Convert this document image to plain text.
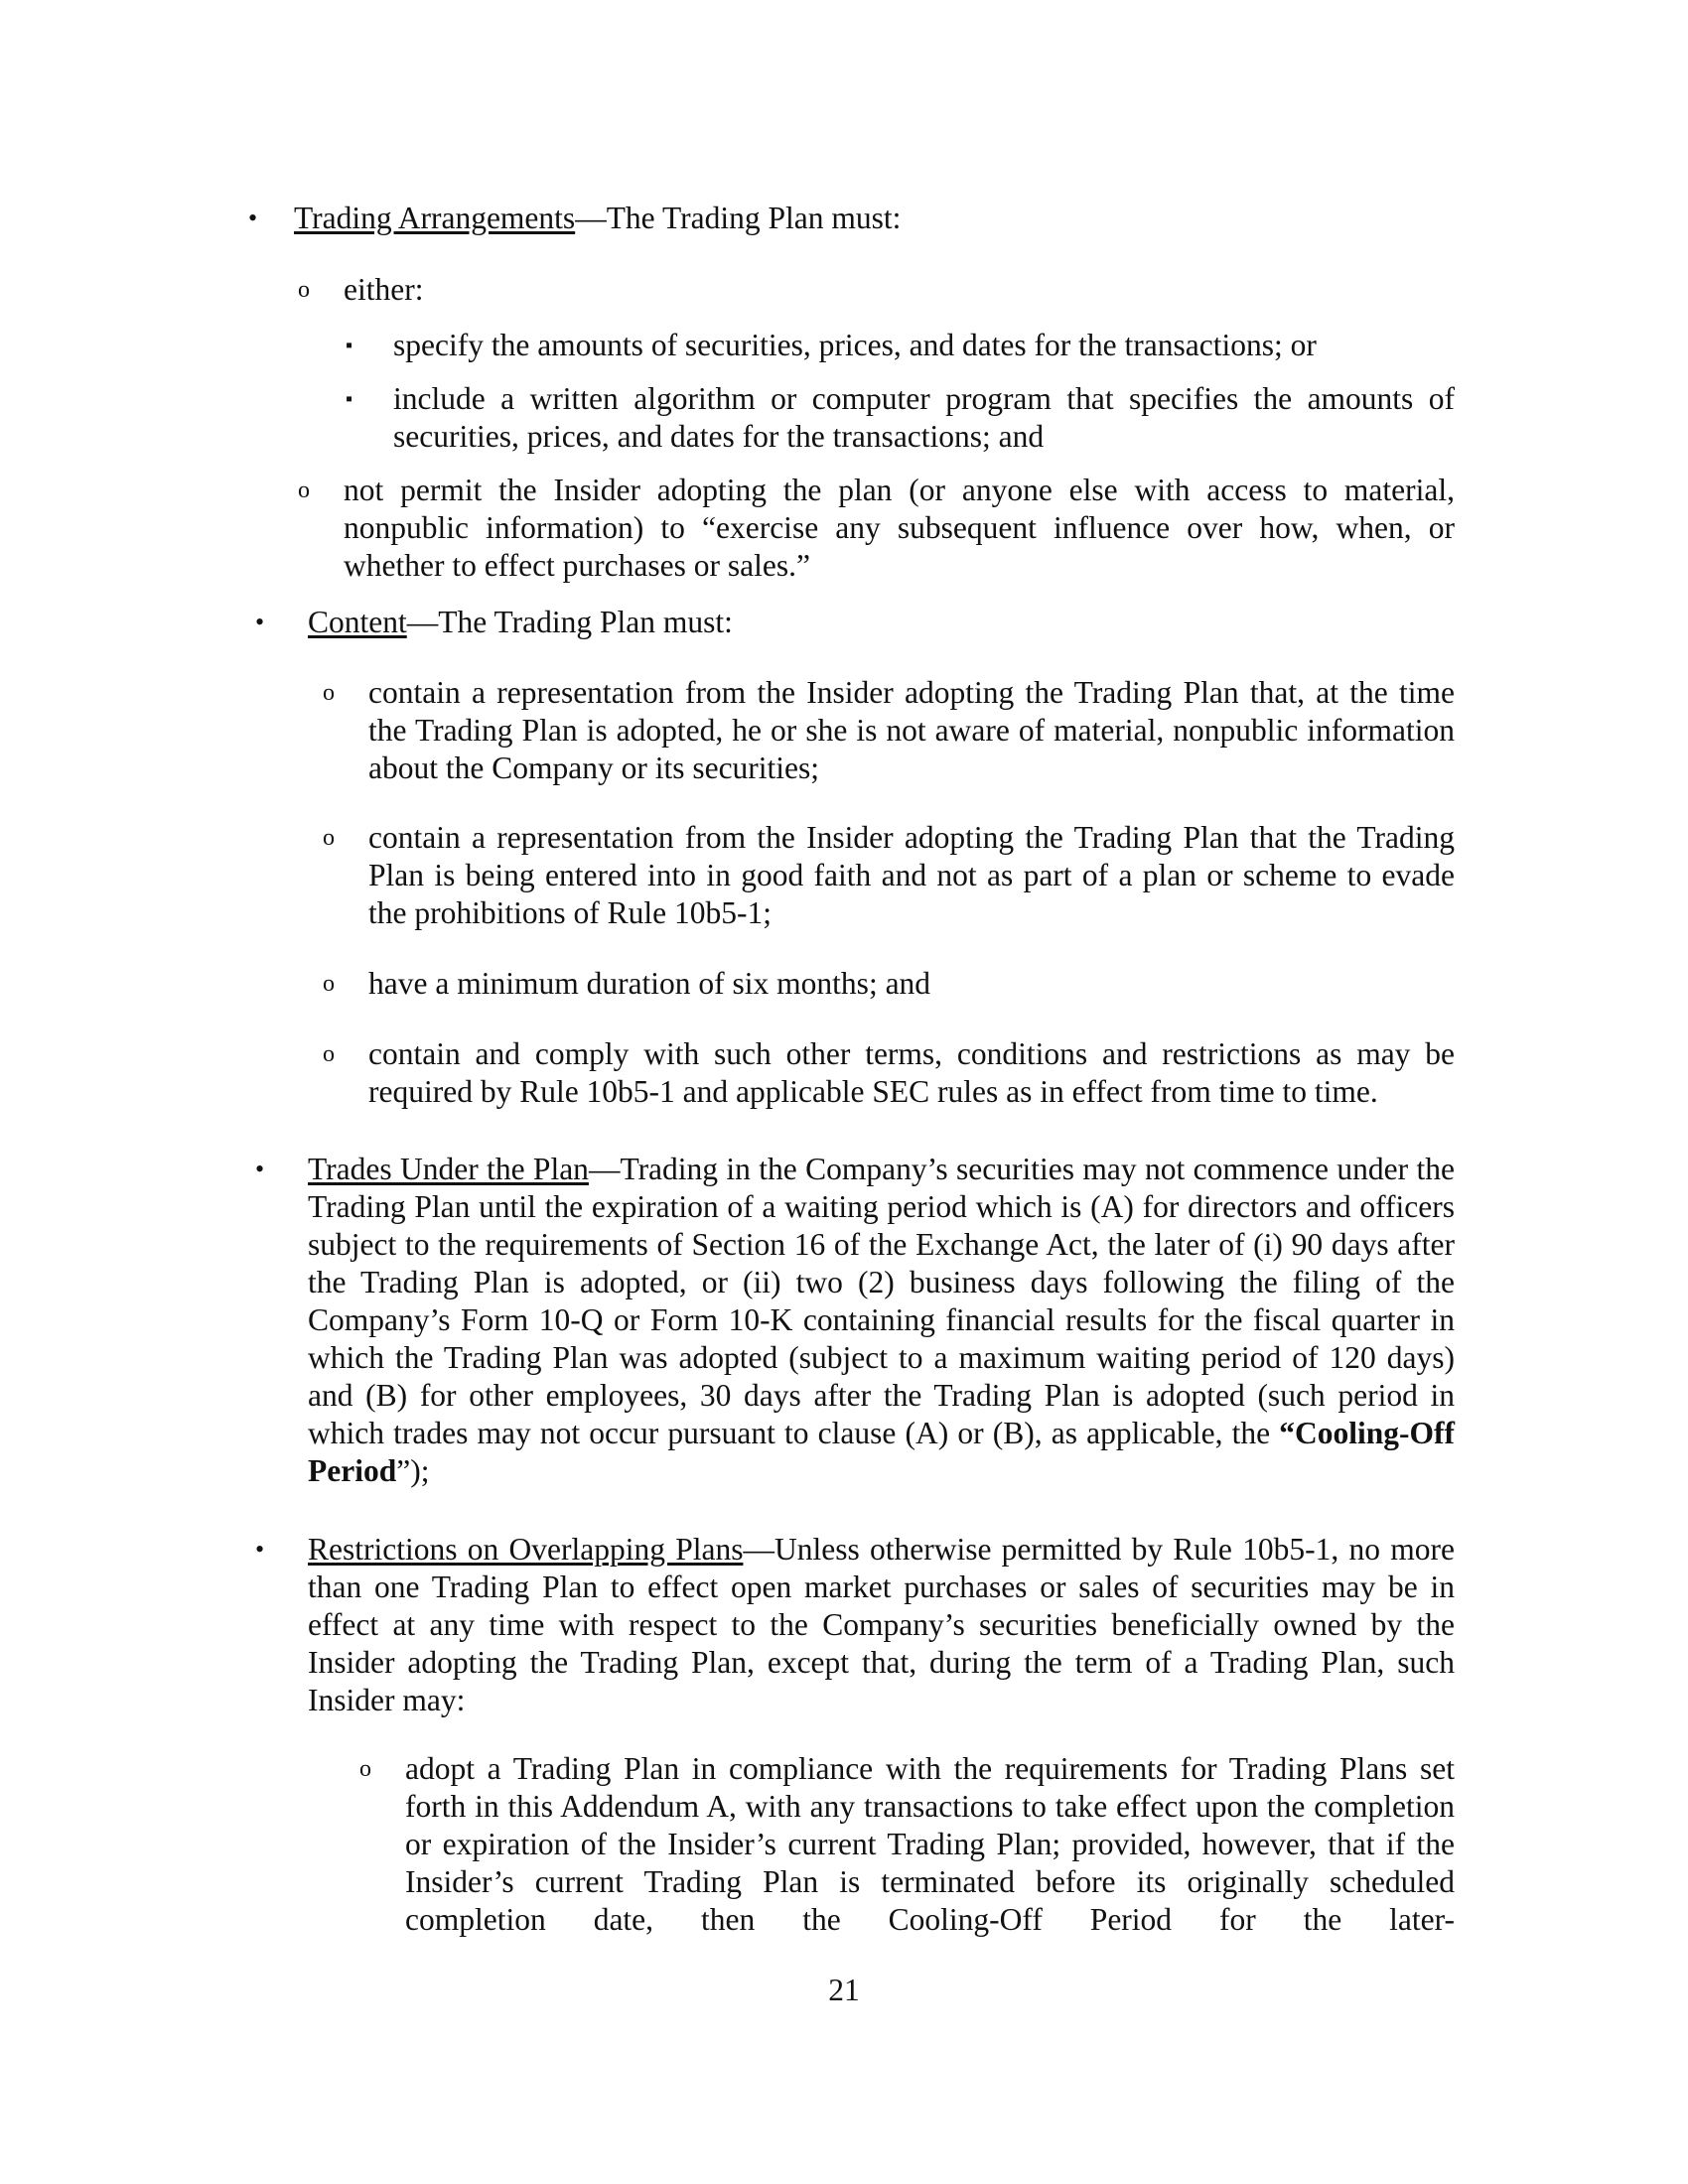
• Trading Arrangements—The Trading Plan must:
o either:
▪ specify the amounts of securities, prices, and dates for the transactions; or
▪ include a written algorithm or computer program that specifies the amounts of securities, prices, and dates for the transactions; and
o not permit the Insider adopting the plan (or anyone else with access to material, nonpublic information) to “exercise any subsequent influence over how, when, or whether to effect purchases or sales.”
• Content—The Trading Plan must:
o contain a representation from the Insider adopting the Trading Plan that, at the time the Trading Plan is adopted, he or she is not aware of material, nonpublic information about the Company or its securities;
o contain a representation from the Insider adopting the Trading Plan that the Trading Plan is being entered into in good faith and not as part of a plan or scheme to evade the prohibitions of Rule 10b5-1;
o have a minimum duration of six months; and
o contain and comply with such other terms, conditions and restrictions as may be required by Rule 10b5-1 and applicable SEC rules as in effect from time to time.
• Trades Under the Plan—Trading in the Company’s securities may not commence under the Trading Plan until the expiration of a waiting period which is (A) for directors and officers subject to the requirements of Section 16 of the Exchange Act, the later of (i) 90 days after the Trading Plan is adopted, or (ii) two (2) business days following the filing of the Company’s Form 10-Q or Form 10-K containing financial results for the fiscal quarter in which the Trading Plan was adopted (subject to a maximum waiting period of 120 days) and (B) for other employees, 30 days after the Trading Plan is adopted (such period in which trades may not occur pursuant to clause (A) or (B), as applicable, the “Cooling-Off Period”);
• Restrictions on Overlapping Plans—Unless otherwise permitted by Rule 10b5-1, no more than one Trading Plan to effect open market purchases or sales of securities may be in effect at any time with respect to the Company’s securities beneficially owned by the Insider adopting the Trading Plan, except that, during the term of a Trading Plan, such Insider may:
o adopt a Trading Plan in compliance with the requirements for Trading Plans set forth in this Addendum A, with any transactions to take effect upon the completion or expiration of the Insider’s current Trading Plan; provided, however, that if the Insider’s current Trading Plan is terminated before its originally scheduled completion date, then the Cooling-Off Period for the later-
21
